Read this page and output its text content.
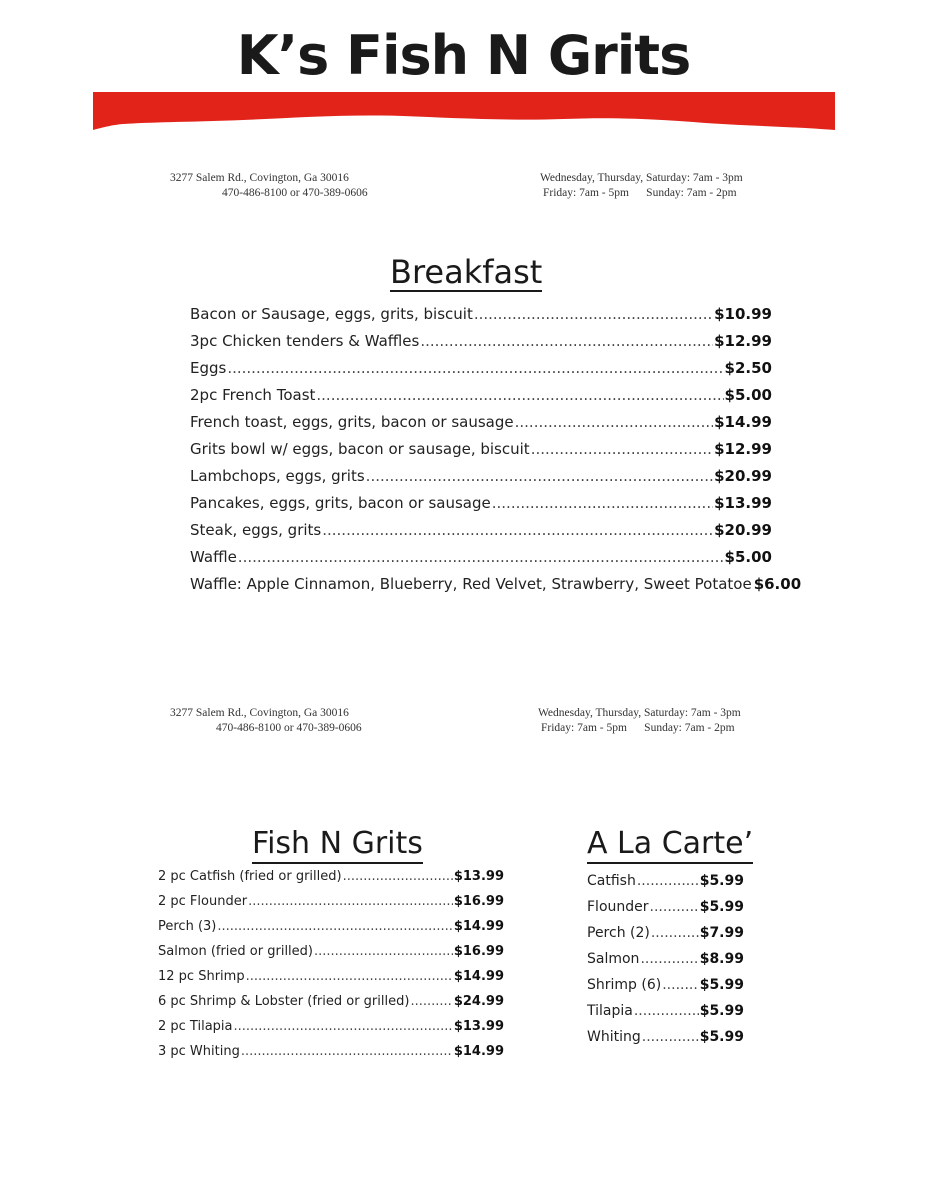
K’s Fish N Grits
3277 Salem Rd., Covington, Ga 30016
470-486-8100 or 470-389-0606
Wednesday, Thursday, Saturday: 7am - 3pm
Friday: 7am - 5pm      Sunday: 7am - 2pm
Breakfast
Bacon or Sausage, eggs, grits, biscuit .....	$10.99
3pc Chicken tenders & Waffles .....	$12.99
Eggs .....	$2.50
2pc French Toast .....	$5.00
French toast, eggs, grits, bacon or sausage .....	$14.99
Grits bowl w/ eggs, bacon or sausage, biscuit .....	$12.99
Lambchops, eggs, grits .....	$20.99
Pancakes, eggs, grits, bacon or sausage .....	$13.99
Steak, eggs, grits .....	$20.99
Waffle .....	$5.00
Waffle: Apple Cinnamon, Blueberry, Red Velvet, Strawberry, Sweet Potatoe $6.00
3277 Salem Rd., Covington, Ga 30016
470-486-8100 or 470-389-0606
Wednesday, Thursday, Saturday: 7am - 3pm
Friday: 7am - 5pm      Sunday: 7am - 2pm
Fish N Grits
2 pc Catfish (fried or grilled) .....	$13.99
2 pc Flounder .....	$16.99
Perch (3) .....	$14.99
Salmon (fried or grilled) .....	$16.99
12 pc Shrimp .....	$14.99
6 pc Shrimp & Lobster (fried or grilled) .....	$24.99
2 pc Tilapia .....	$13.99
3 pc Whiting .....	$14.99
A La Carte’
Catfish .....	$5.99
Flounder .....	$5.99
Perch (2) .....	$7.99
Salmon .....	$8.99
Shrimp (6) .....	$5.99
Tilapia .....	$5.99
Whiting .....	$5.99
